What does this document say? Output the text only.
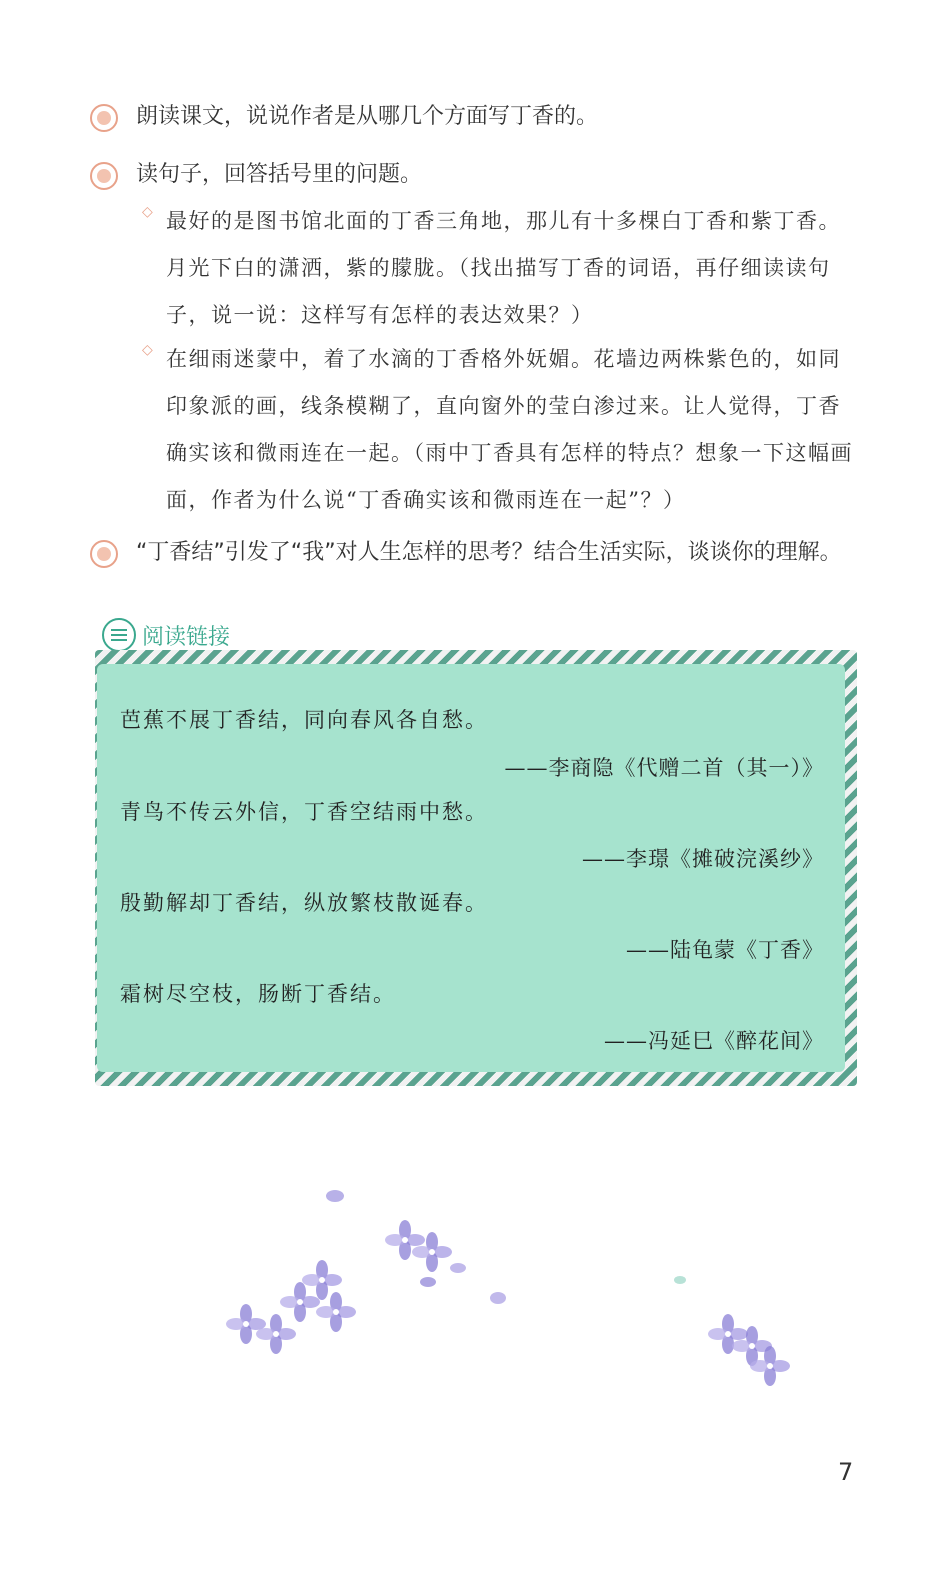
朗读课文，说说作者是从哪几个方面写丁香的。
读句子，回答括号里的问题。
◇ 最好的是图书馆北面的丁香三角地，那儿有十多棵白丁香和紫丁香。月光下白的潇洒，紫的朦胧。（找出描写丁香的词语，再仔细读读句子，说一说：这样写有怎样的表达效果？）
◇ 在细雨迷蒙中，着了水滴的丁香格外妩媚。花墙边两株紫色的，如同印象派的画，线条模糊了，直向窗外的莹白渗过来。让人觉得，丁香确实该和微雨连在一起。（雨中丁香具有怎样的特点？想象一下这幅画面，作者为什么说“丁香确实该和微雨连在一起”？）
“丁香结”引发了“我”对人生怎样的思考？结合生活实际，谈谈你的理解。
阅读链接
芭蕉不展丁香结，同向春风各自愁。
——李商隐《代赠二首（其一）》
青鸟不传云外信，丁香空结雨中愁。
——李璟《摊破浣溪纱》
殷勤解却丁香结，纵放繁枝散诞春。
——陆龟蒙《丁香》
霜树尽空枝，肠断丁香结。
——冯延巳《醉花间》
7
